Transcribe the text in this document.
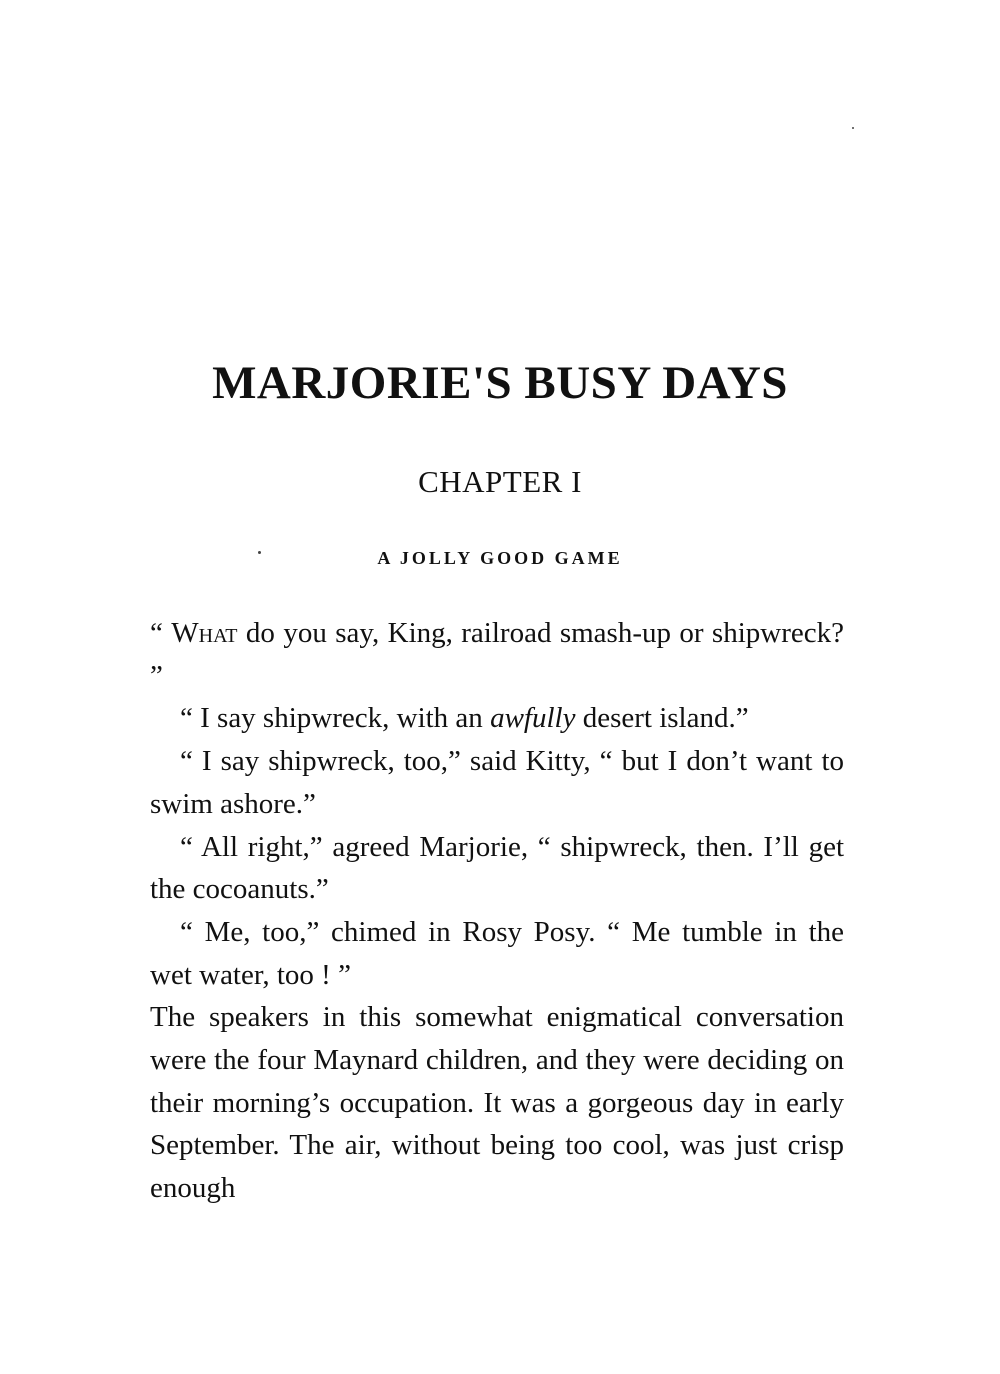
MARJORIE'S BUSY DAYS
CHAPTER I
A JOLLY GOOD GAME

“ What do you say, King, railroad smash-up or shipwreck? ”

“ I say shipwreck, with an awfully desert island.”

“ I say shipwreck, too,” said Kitty, “ but I don’t want to swim ashore.”

“ All right,” agreed Marjorie, “ shipwreck, then. I’ll get the cocoanuts.”

“ Me, too,” chimed in Rosy Posy. “ Me tumble in the wet water, too ! ”

The speakers in this somewhat enigmatical conversation were the four Maynard children, and they were deciding on their morning’s occupation. It was a gorgeous day in early September. The air, without being too cool, was just crisp enough
